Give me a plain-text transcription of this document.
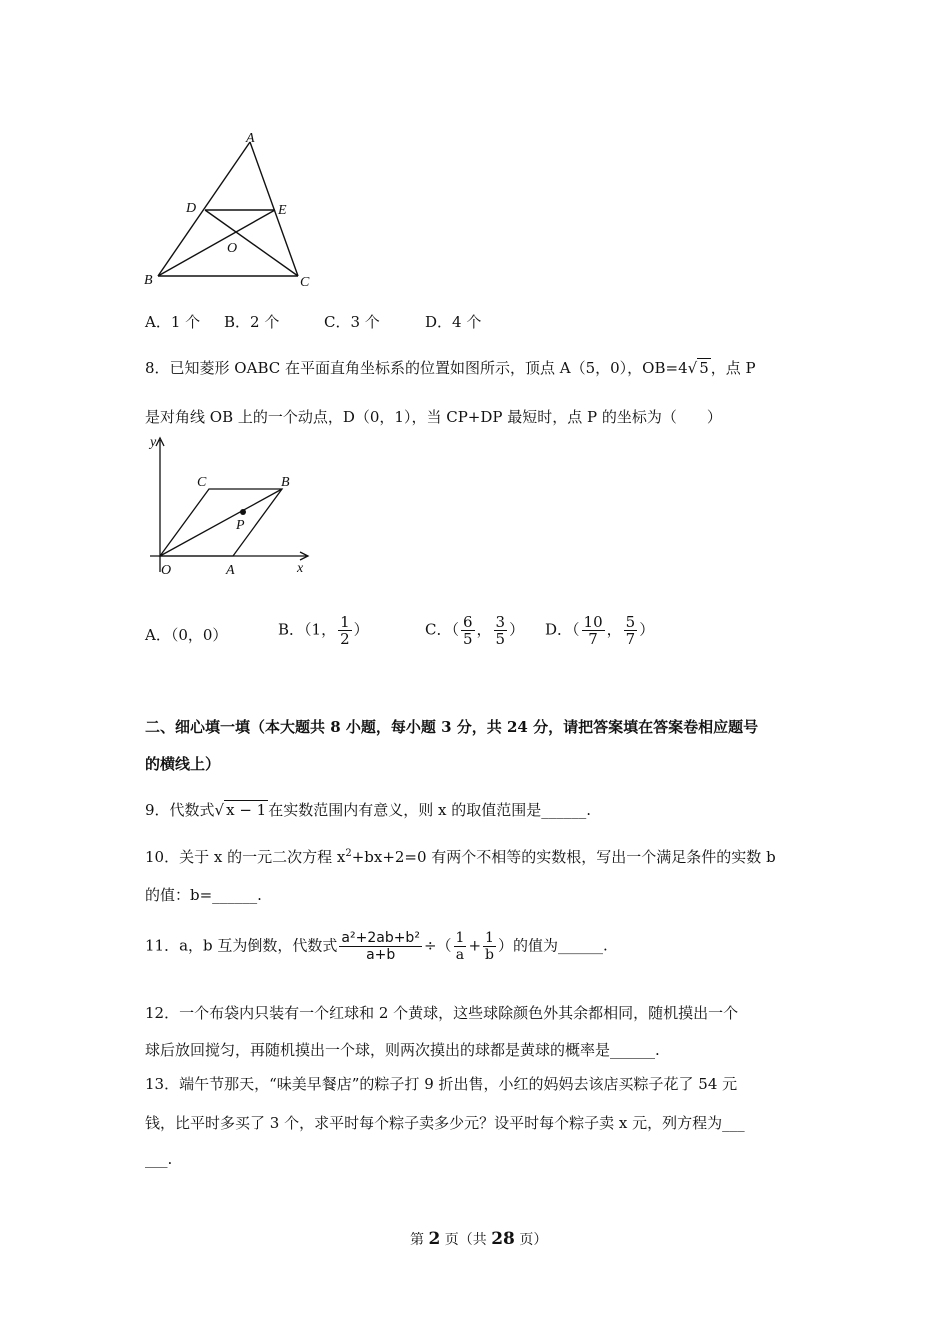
A
D	E
O
B	C
A．1 个 B．2 个	C．3 个	D．4 个
8．已知菱形 OABC 在平面直角坐标系的位置如图所示，顶点 A（5，0），OB=4√ 5 ，点 P
是对角线 OB 上的一个动点，D（0，1），当 CP+DP 最短时，点 P 的坐标为（　　）
y
x
O	A
B
C
P
A．（0，0）	B．（1， $\frac{1}{2}$ ）	C．（ $\frac{6}{5}$ ， $\frac{3}{5}$ ） D．（ $\frac{10}{7}$ ， $\frac{5}{7}$ ）
二、细心填一填（本大题共 8 小题，每小题 3 分，共 24 分，请把答案填在答案卷相应题号
的横线上）
9．代数式√ x − 1 在实数范围内有意义，则 x 的取值范围是______.
10．关于 x 的一元二次方程 $x^2+bx+2=0$ 有两个不相等的实数根，写出一个满足条件的实数 b
的值：b=______.
11．a，b 互为倒数，代数式 $\frac{\text{a²+2ab+b²}}{a+b}$ ÷（ $\frac{1}{a} + \frac{1}{b}$ ）的值为______.
12．一个布袋内只装有一个红球和 2 个黄球，这些球除颜色外其余都相同，随机摸出一个
球后放回搅匀，再随机摸出一个球，则两次摸出的球都是黄球的概率是______.
13．端午节那天，“味美早餐店”的粽子打 9 折出售，小红的妈妈去该店买粽子花了 54 元
钱，比平时多买了 3 个，求平时每个粽子卖多少元？设平时每个粽子卖 x 元，列方程为___
___.
第 2 页（共 28 页）
